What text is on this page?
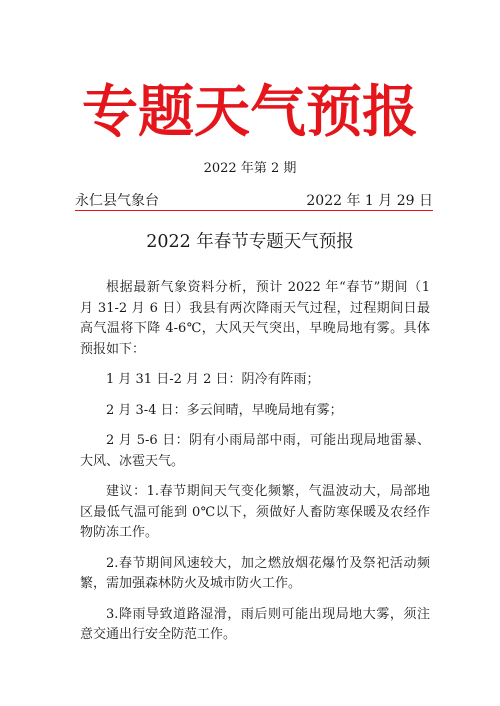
专题天气预报
2022 年第 2 期
永仁县气象台	2022 年 1 月 29 日
2022 年春节专题天气预报

根据最新气象资料分析，预计 2022 年“春节”期间（1 月 31-2 月 6 日）我县有两次降雨天气过程，过程期间日最高气温将下降 4-6℃，大风天气突出，早晚局地有雾。具体预报如下：

1 月 31 日-2 月 2 日：阴冷有阵雨；

2 月 3-4 日：多云间晴，早晚局地有雾；

2 月 5-6 日：阴有小雨局部中雨，可能出现局地雷暴、大风、冰雹天气。

建议：1.春节期间天气变化频繁，气温波动大，局部地区最低气温可能到 0℃以下，须做好人畜防寒保暖及农经作物防冻工作。

2.春节期间风速较大，加之燃放烟花爆竹及祭祀活动频繁，需加强森林防火及城市防火工作。

3.降雨导致道路湿滑，雨后则可能出现局地大雾，须注意交通出行安全防范工作。
